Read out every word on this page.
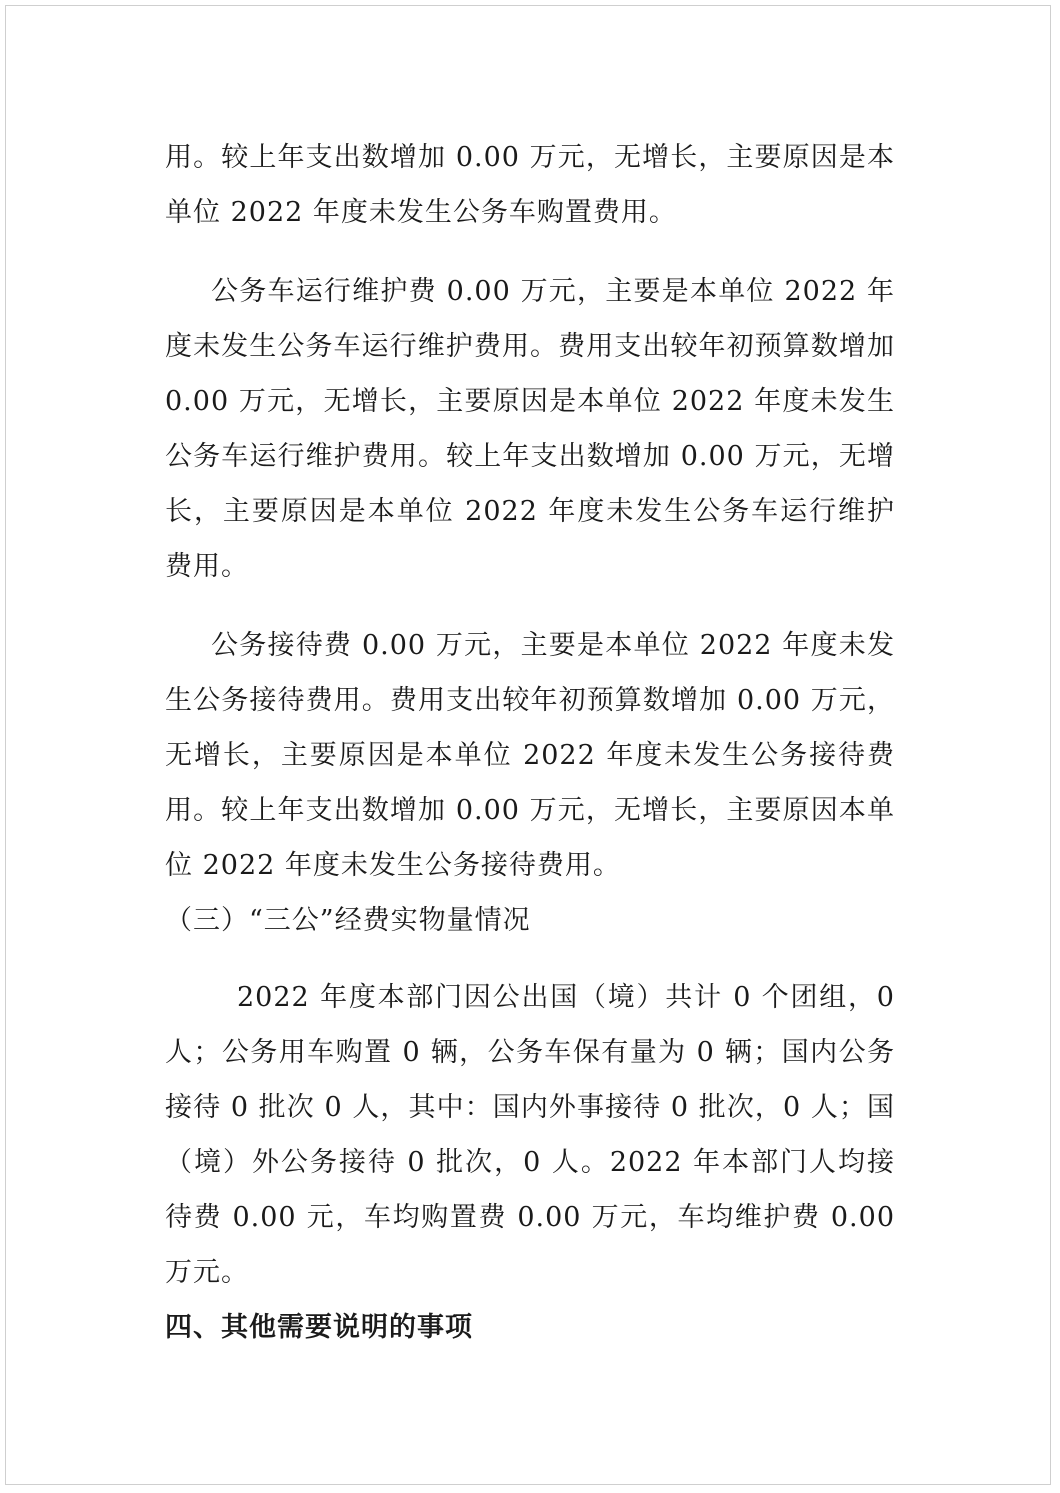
用。较上年支出数增加 0.00 万元，无增长，主要原因是本单位 2022 年度未发生公务车购置费用。

公务车运行维护费 0.00 万元，主要是本单位 2022 年度未发生公务车运行维护费用。费用支出较年初预算数增加 0.00 万元，无增长，主要原因是本单位 2022 年度未发生公务车运行维护费用。较上年支出数增加 0.00 万元，无增长，主要原因是本单位 2022 年度未发生公务车运行维护费用。

公务接待费 0.00 万元，主要是本单位 2022 年度未发生公务接待费用。费用支出较年初预算数增加 0.00 万元，无增长，主要原因是本单位 2022 年度未发生公务接待费用。较上年支出数增加 0.00 万元，无增长，主要原因本单位 2022 年度未发生公务接待费用。

（三）“三公”经费实物量情况

2022 年度本部门因公出国（境）共计 0 个团组，0 人；公务用车购置 0 辆，公务车保有量为 0 辆；国内公务接待 0 批次 0 人，其中：国内外事接待 0 批次，0 人；国（境）外公务接待 0 批次，0 人。2022 年本部门人均接待费 0.00 元，车均购置费 0.00 万元，车均维护费 0.00 万元。

四、其他需要说明的事项
